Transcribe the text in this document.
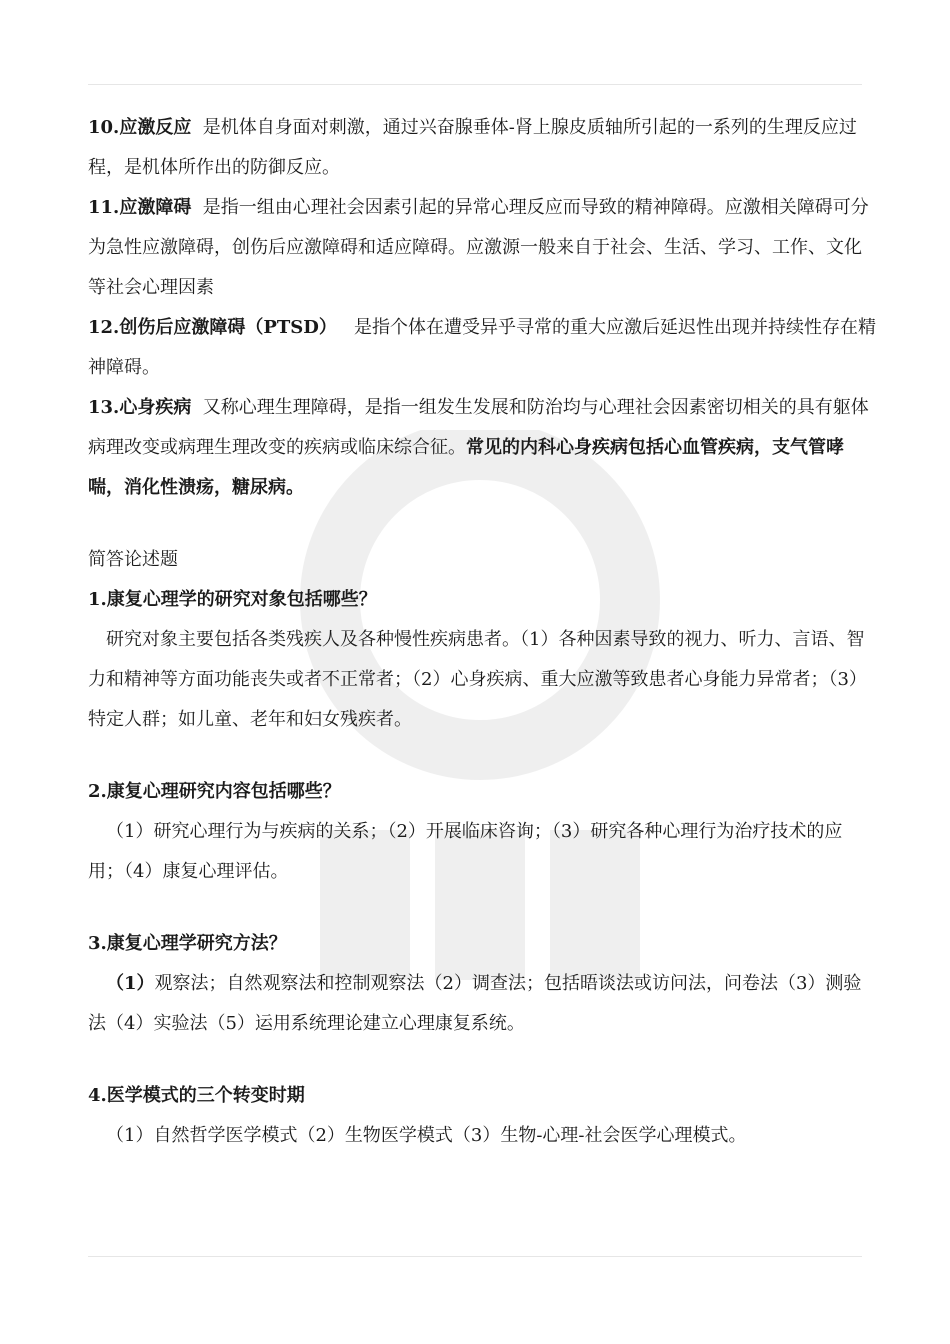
10.应激反应 是机体自身面对刺激，通过兴奋腺垂体-肾上腺皮质轴所引起的一系列的生理反应过程，是机体所作出的防御反应。

11.应激障碍 是指一组由心理社会因素引起的异常心理反应而导致的精神障碍。应激相关障碍可分为急性应激障碍，创伤后应激障碍和适应障碍。应激源一般来自于社会、生活、学习、工作、文化等社会心理因素

12.创伤后应激障碍（PTSD） 是指个体在遭受异乎寻常的重大应激后延迟性出现并持续性存在精神障碍。

13.心身疾病 又称心理生理障碍，是指一组发生发展和防治均与心理社会因素密切相关的具有躯体病理改变或病理生理改变的疾病或临床综合征。常见的内科心身疾病包括心血管疾病，支气管哮喘，消化性溃疡，糖尿病。

简答论述题

1.康复心理学的研究对象包括哪些？

研究对象主要包括各类残疾人及各种慢性疾病患者。（1）各种因素导致的视力、听力、言语、智力和精神等方面功能丧失或者不正常者；（2）心身疾病、重大应激等致患者心身能力异常者；（3）特定人群；如儿童、老年和妇女残疾者。

2.康复心理研究内容包括哪些？

（1）研究心理行为与疾病的关系；（2）开展临床咨询；（3）研究各种心理行为治疗技术的应用；（4）康复心理评估。

3.康复心理学研究方法？

（1）观察法；自然观察法和控制观察法（2）调查法；包括晤谈法或访问法，问卷法（3）测验法（4）实验法（5）运用系统理论建立心理康复系统。

4.医学模式的三个转变时期

（1）自然哲学医学模式（2）生物医学模式（3）生物-心理-社会医学心理模式。
